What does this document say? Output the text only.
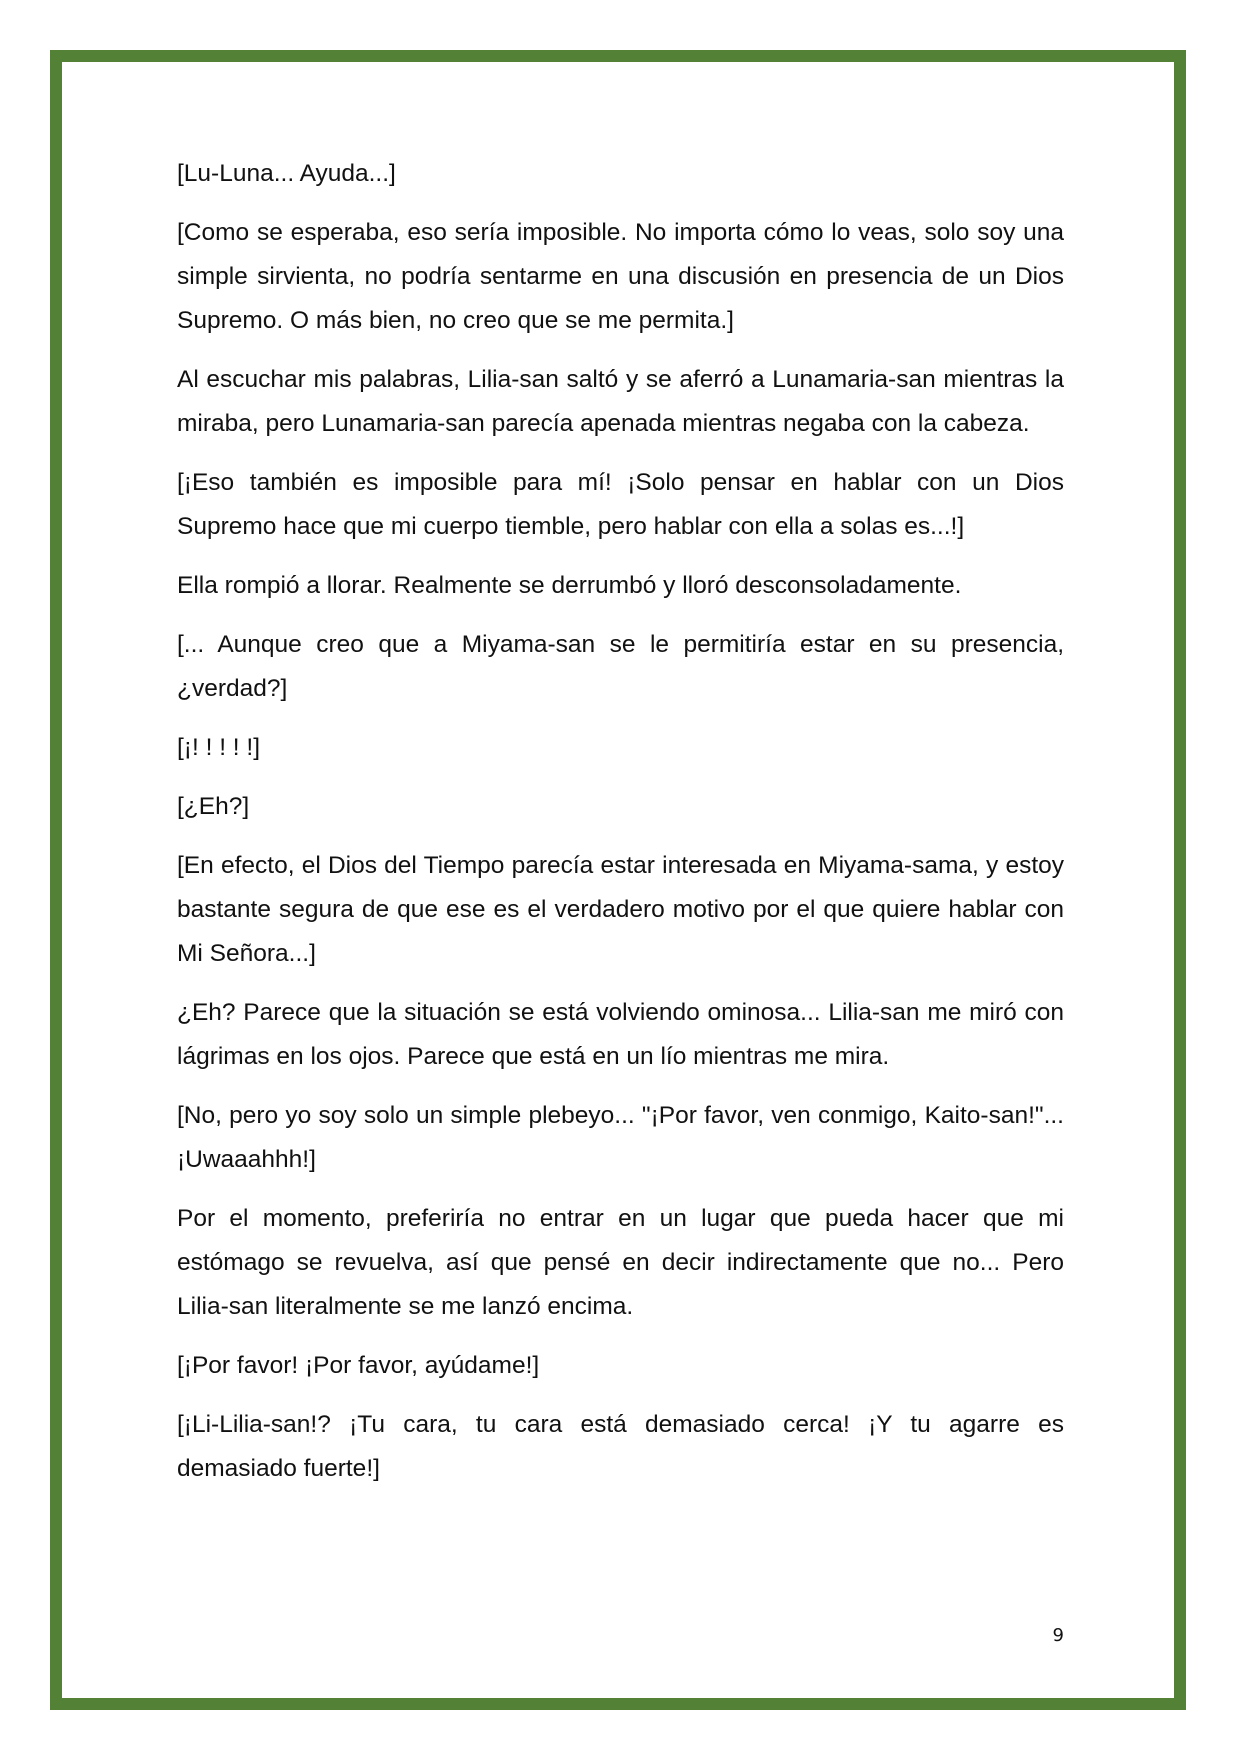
[Lu-Luna... Ayuda...]

[Como se esperaba, eso sería imposible. No importa cómo lo veas, solo soy una simple sirvienta, no podría sentarme en una discusión en presencia de un Dios Supremo. O más bien, no creo que se me permita.]

Al escuchar mis palabras, Lilia-san saltó y se aferró a Lunamaria-san mientras la miraba, pero Lunamaria-san parecía apenada mientras negaba con la cabeza.

[¡Eso también es imposible para mí! ¡Solo pensar en hablar con un Dios Supremo hace que mi cuerpo tiemble, pero hablar con ella a solas es...!]

Ella rompió a llorar. Realmente se derrumbó y lloró desconsoladamente.

[... Aunque creo que a Miyama-san se le permitiría estar en su presencia, ¿verdad?]

[¡! ! ! ! !]

[¿Eh?]

[En efecto, el Dios del Tiempo parecía estar interesada en Miyama-sama, y estoy bastante segura de que ese es el verdadero motivo por el que quiere hablar con Mi Señora...]

¿Eh? Parece que la situación se está volviendo ominosa... Lilia-san me miró con lágrimas en los ojos. Parece que está en un lío mientras me mira.

[No, pero yo soy solo un simple plebeyo... "¡Por favor, ven conmigo, Kaito-san!"... ¡Uwaaahhh!]

Por el momento, preferiría no entrar en un lugar que pueda hacer que mi estómago se revuelva, así que pensé en decir indirectamente que no... Pero Lilia-san literalmente se me lanzó encima.

[¡Por favor! ¡Por favor, ayúdame!]

[¡Li-Lilia-san!? ¡Tu cara, tu cara está demasiado cerca! ¡Y tu agarre es demasiado fuerte!]

9
